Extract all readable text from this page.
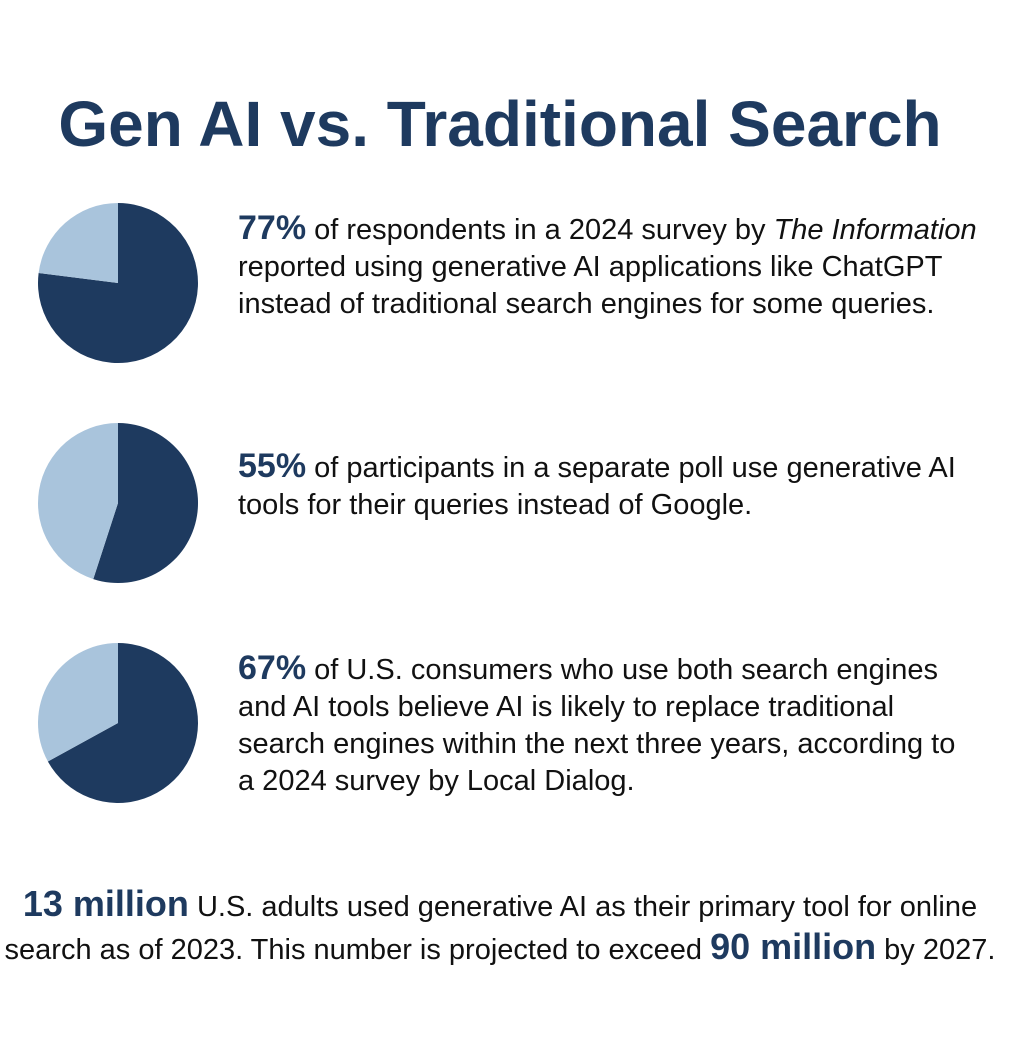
Gen AI vs. Traditional Search
77% of respondents in a 2024 survey by The Information reported using generative AI applications like ChatGPT instead of traditional search engines for some queries.
55% of participants in a separate poll use generative AI tools for their queries instead of Google.
67% of U.S. consumers who use both search engines and AI tools believe AI is likely to replace traditional search engines within the next three years, according to a 2024 survey by Local Dialog.
13 million U.S. adults used generative AI as their primary tool for online search as of 2023. This number is projected to exceed 90 million by 2027.
